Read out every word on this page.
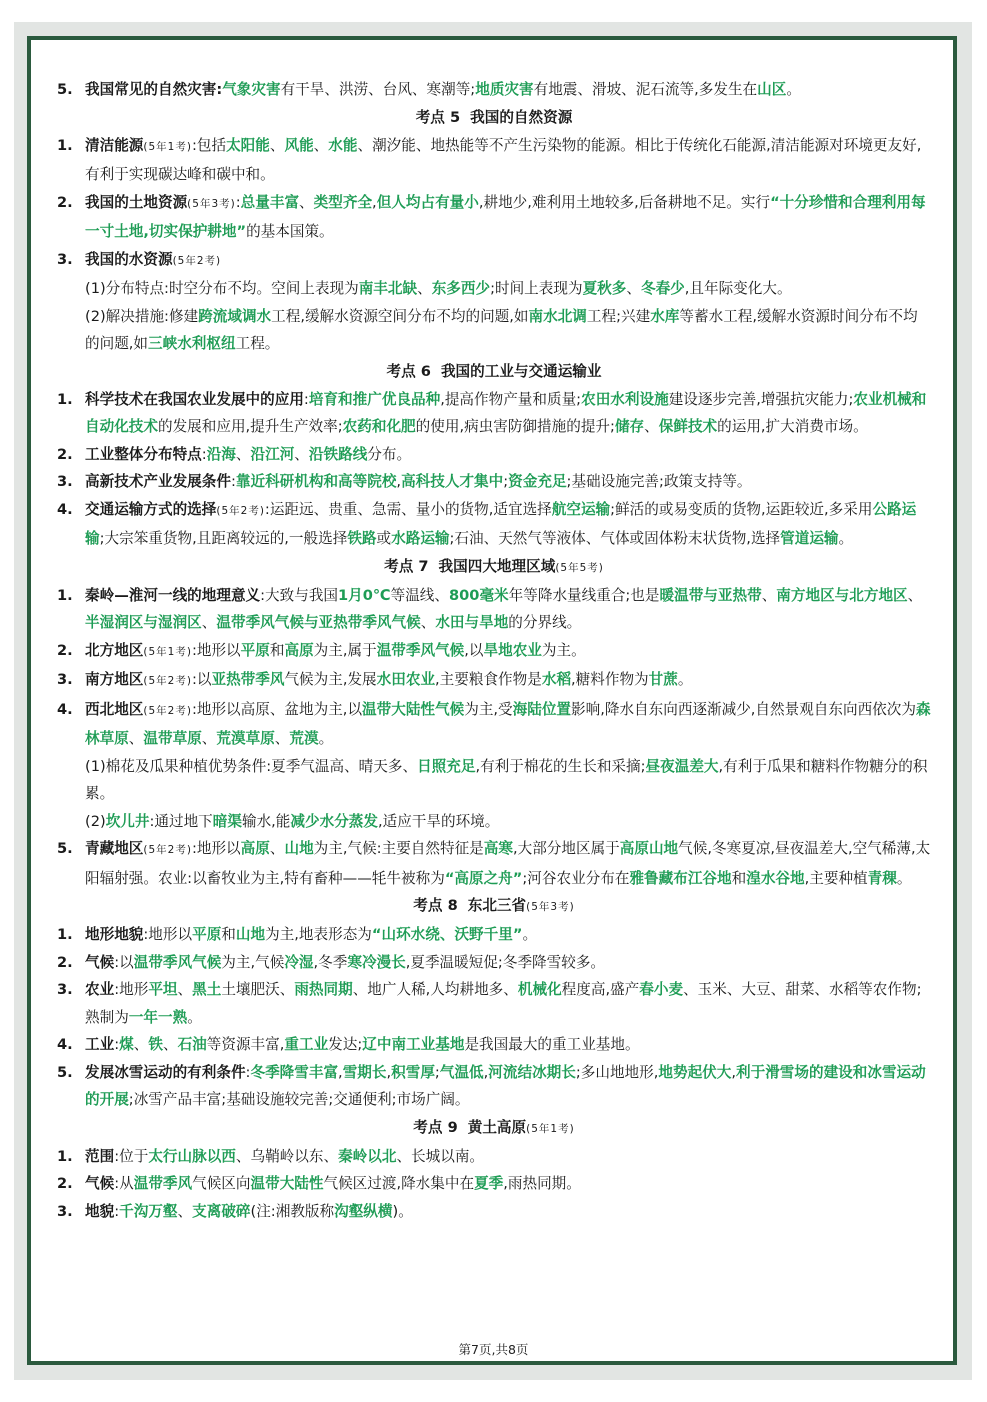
5. 我国常见的自然灾害:气象灾害有干旱、洪涝、台风、寒潮等;地质灾害有地震、滑坡、泥石流等,多发生在山区。
考点 5 我国的自然资源
1. 清洁能源(5年1考):包括太阳能、风能、水能、潮汐能、地热能等不产生污染物的能源。相比于传统化石能源,清洁能源对环境更友好,有利于实现碳达峰和碳中和。
2. 我国的土地资源(5年3考):总量丰富、类型齐全,但人均占有量小,耕地少,难利用土地较多,后备耕地不足。实行“十分珍惜和合理利用每一寸土地,切实保护耕地”的基本国策。
3. 我国的水资源(5年2考)
(1)分布特点:时空分布不均。空间上表现为南丰北缺、东多西少;时间上表现为夏秋多、冬春少,且年际变化大。
(2)解决措施:修建跨流域调水工程,缓解水资源空间分布不均的问题,如南水北调工程;兴建水库等蓄水工程,缓解水资源时间分布不均的问题,如三峡水利枢纽工程。
考点 6 我国的工业与交通运输业
1. 科学技术在我国农业发展中的应用:培育和推广优良品种,提高作物产量和质量;农田水利设施建设逐步完善,增强抗灾能力;农业机械和自动化技术的发展和应用,提升生产效率;农药和化肥的使用,病虫害防御措施的提升;储存、保鲜技术的运用,扩大消费市场。
2. 工业整体分布特点:沿海、沿江河、沿铁路线分布。
3. 高新技术产业发展条件:靠近科研机构和高等院校,高科技人才集中;资金充足;基础设施完善;政策支持等。
4. 交通运输方式的选择(5年2考):运距远、贵重、急需、量小的货物,适宜选择航空运输;鲜活的或易变质的货物,运距较近,多采用公路运输;大宗笨重货物,且距离较远的,一般选择铁路或水路运输;石油、天然气等液体、气体或固体粉末状货物,选择管道运输。
考点 7 我国四大地理区域(5年5考)
1. 秦岭—淮河一线的地理意义:大致与我国1月0℃等温线、800毫米年等降水量线重合;也是暖温带与亚热带、南方地区与北方地区、半湿润区与湿润区、温带季风气候与亚热带季风气候、水田与旱地的分界线。
2. 北方地区(5年1考):地形以平原和高原为主,属于温带季风气候,以旱地农业为主。
3. 南方地区(5年2考):以亚热带季风气候为主,发展水田农业,主要粮食作物是水稻,糖料作物为甘蔗。
4. 西北地区(5年2考):地形以高原、盆地为主,以温带大陆性气候为主,受海陆位置影响,降水自东向西逐渐减少,自然景观自东向西依次为森林草原、温带草原、荒漠草原、荒漠。
(1)棉花及瓜果种植优势条件:夏季气温高、晴天多、日照充足,有利于棉花的生长和采摘;昼夜温差大,有利于瓜果和糖料作物糖分的积累。
(2)坎儿井:通过地下暗渠输水,能减少水分蒸发,适应干旱的环境。
5. 青藏地区(5年2考):地形以高原、山地为主,气候:主要自然特征是高寒,大部分地区属于高原山地气候,冬寒夏凉,昼夜温差大,空气稀薄,太阳辐射强。农业:以畜牧业为主,特有畜种——牦牛被称为“高原之舟”;河谷农业分布在雅鲁藏布江谷地和湟水谷地,主要种植青稞。
考点 8 东北三省(5年3考)
1. 地形地貌:地形以平原和山地为主,地表形态为“山环水绕、沃野千里”。
2. 气候:以温带季风气候为主,气候冷湿,冬季寒冷漫长,夏季温暖短促;冬季降雪较多。
3. 农业:地形平坦、黑土土壤肥沃、雨热同期、地广人稀,人均耕地多、机械化程度高,盛产春小麦、玉米、大豆、甜菜、水稻等农作物;熟制为一年一熟。
4. 工业:煤、铁、石油等资源丰富,重工业发达;辽中南工业基地是我国最大的重工业基地。
5. 发展冰雪运动的有利条件:冬季降雪丰富,雪期长,积雪厚;气温低,河流结冰期长;多山地地形,地势起伏大,利于滑雪场的建设和冰雪运动的开展;冰雪产品丰富;基础设施较完善;交通便利;市场广阔。
考点 9 黄土高原(5年1考)
1. 范围:位于太行山脉以西、乌鞘岭以东、秦岭以北、长城以南。
2. 气候:从温带季风气候区向温带大陆性气候区过渡,降水集中在夏季,雨热同期。
3. 地貌:千沟万壑、支离破碎(注:湘教版称沟壑纵横)。
第7页,共8页
